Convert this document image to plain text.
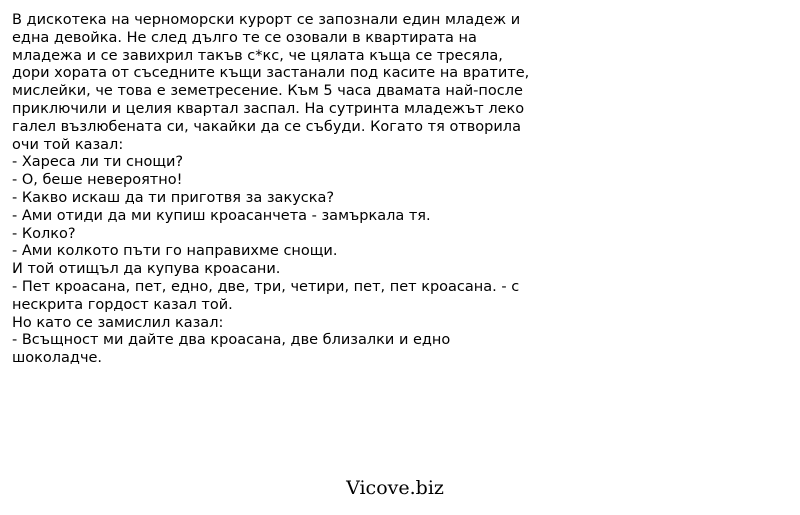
В дискотека на черноморски курорт се запознали един младеж и
една девойка. Не след дълго те се озовали в квартирата на
младежа и се завихрил такъв с*кс, че цялата къща се тресяла,
дори хората от съседните къщи застанали под касите на вратите,
мислейки, че това е земетресение. Към 5 часа двамата най-после
приключили и целия квартал заспал. На сутринта младежът леко
галел възлюбената си, чакайки да се събуди. Когато тя отворила
очи той казал:
- Хареса ли ти снощи?
- О, беше невероятно!
- Какво искаш да ти приготвя за закуска?
- Ами отиди да ми купиш кроасанчета - замъркала тя.
- Колко?
- Ами колкото пъти го направихме снощи.
И той отищъл да купува кроасани.
- Пет кроасана, пет, едно, две, три, четири, пет, пет кроасана. - с
нескрита гордост казал той.
Но като се замислил казал:
- Всъщност ми дайте два кроасана, две близалки и едно
шоколадче.
Vicove.biz
